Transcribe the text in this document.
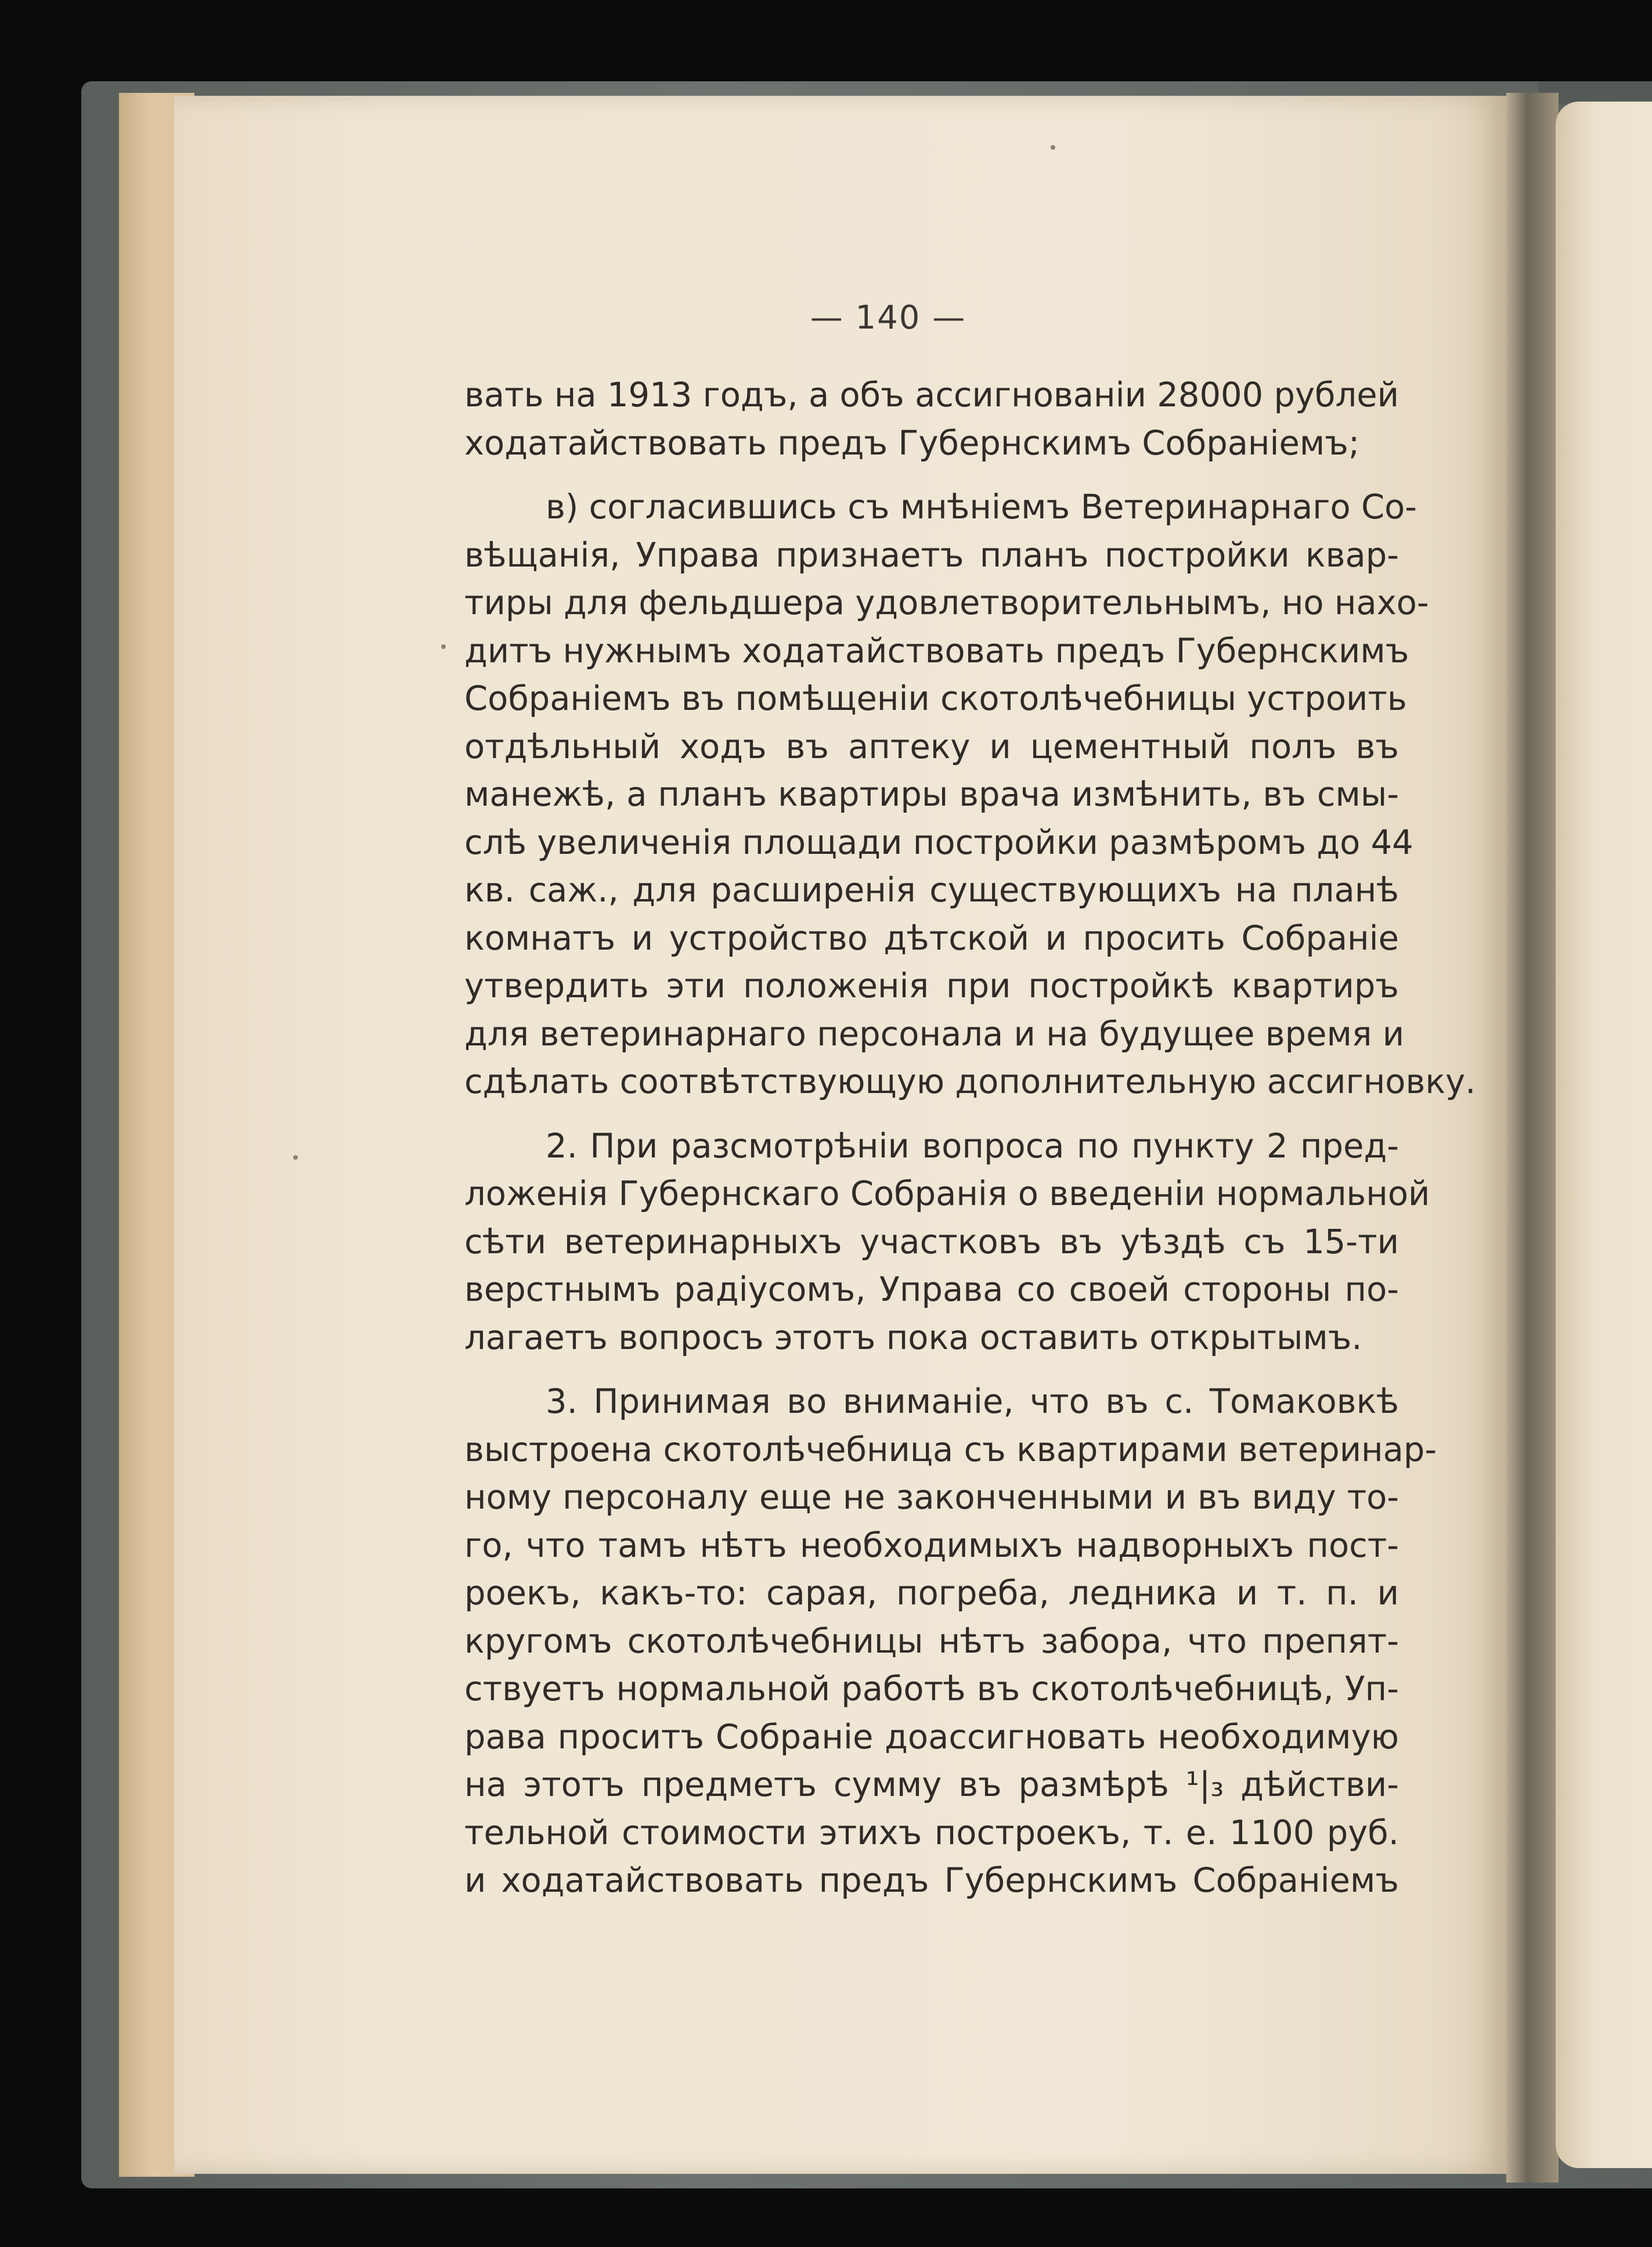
— 140 —
вать на 1913 годъ, а объ ассигнованіи 28000 рублей
ходатайствовать предъ Губернскимъ Собраніемъ;
в) согласившись съ мнѣніемъ Ветеринарнаго Со-
вѣщанія, Управа признаетъ планъ постройки квар-
тиры для фельдшера удовлетворительнымъ, но нахо-
дитъ нужнымъ ходатайствовать предъ Губернскимъ
Собраніемъ въ помѣщеніи скотолѣчебницы устроить
отдѣльный ходъ въ аптеку и цементный полъ въ
манежѣ, а планъ квартиры врача измѣнить, въ смы-
слѣ увеличенія площади постройки размѣромъ до 44
кв. саж., для расширенія существующихъ на планѣ
комнатъ и устройство дѣтской и просить Собраніе
утвердить эти положенія при постройкѣ квартиръ
для ветеринарнаго персонала и на будущее время и
сдѣлать соотвѣтствующую дополнительную ассигновку.
2. При разсмотрѣніи вопроса по пункту 2 пред-
ложенія Губернскаго Собранія о введеніи нормальной
сѣти ветеринарныхъ участковъ въ уѣздѣ съ 15-ти
верстнымъ радіусомъ, Управа со своей стороны по-
лагаетъ вопросъ этотъ пока оставить открытымъ.
3. Принимая во вниманіе, что въ с. Томаковкѣ
выстроена скотолѣчебница съ квартирами ветеринар-
ному персоналу еще не законченными и въ виду то-
го, что тамъ нѣтъ необходимыхъ надворныхъ пост-
роекъ, какъ-то: сарая, погреба, ледника и т. п. и
кругомъ скотолѣчебницы нѣтъ забора, что препят-
ствуетъ нормальной работѣ въ скотолѣчебницѣ, Уп-
рава проситъ Собраніе доассигновать необходимую
на этотъ предметъ сумму въ размѣрѣ ¹|₃ дѣйстви-
тельной стоимости этихъ построекъ, т. е. 1100 руб.
и ходатайствовать предъ Губернскимъ Собраніемъ
